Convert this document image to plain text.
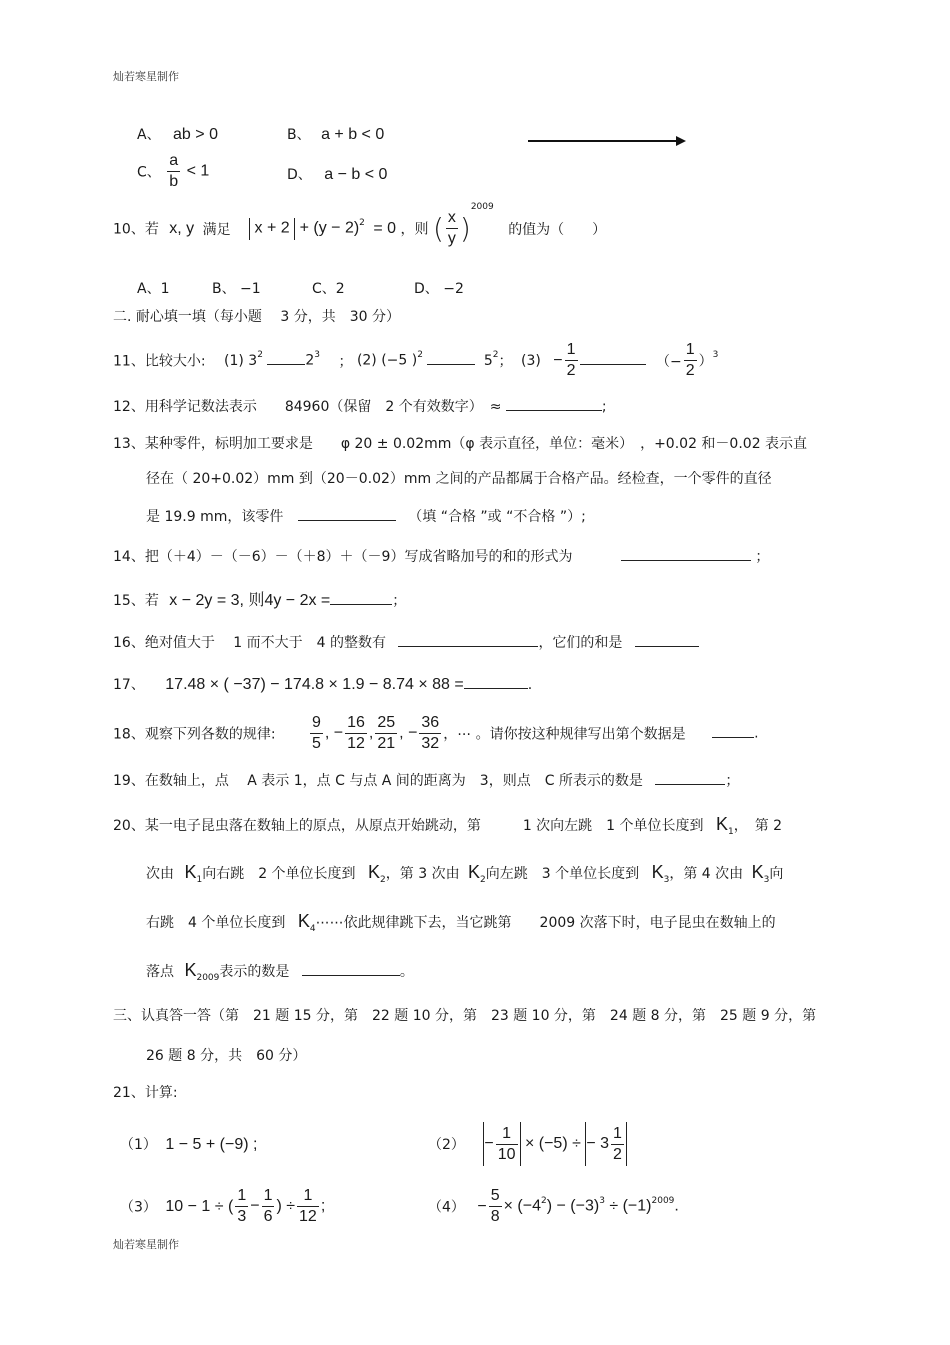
灿若寒星制作
A、 ab > 0	B、 a + b < 0
C、 $\frac{a}{b} < 1$	D、 a − b < 0
10、若 x, y 满足 $x + 2 + (y - 2)^2 = 0$ ，则 ( $\frac{x}{y} )^{2009}$ 的值为（　　）
A、1	B、 −1	C、2	D、 −2
二. 耐心填一填（每小题　 3 分，共　30 分）
11、比较大小: (1) $3^2$	$2^3$ ； (2) (−5 )$^2$	$5^2$； $(3) - \frac{1}{2}$	（− $\frac{1}{2} )^3$
12、用科学记数法表示　　84960（保留　2 个有效数字）　≈	;
13、某种零件，标明加工要求是　　φ 20 ± 0.02mm（φ 表示直径，单位：毫米）　，+0.02 和－0.02 表示直
径在（ 20+0.02）mm 到（20－0.02）mm 之间的产品都属于合格产品。经检查，一个零件的直径
是 19.9 mm，该零件	（填 “合格 ”或 “不合格 ”）;
14、把（＋4）－（－6）－（＋8）＋（－9）写成省略加号的和的形式为	；
15、若 x − 2y = 3, 则4y − 2x =	；
16、绝对值大于　 1 而不大于　4 的整数有	，它们的和是
17、 17.48 × ( −37) − 174.8 × 1.9 − 8.74 × 88 =	.
18、观察下列各数的规律: $\frac{9}{5}$ , − $\frac{16}{12}$ , $\frac{25}{21}$ , − $\frac{36}{32}$ ，⋯ 。请你按这种规律写出第个数据是	.
19、在数轴上，点　 A 表示 1，点 C 与点 A 间的距离为　3，则点　C 所表示的数是	；
20、某一电子昆虫落在数轴上的原点，从原点开始跳动，第　　　1 次向左跳　1 个单位长度到 $K_1$，　第 2
次由 $K_1$向右跳　2 个单位长度到 $K_2$，第 3 次由 $K_2$向左跳　3 个单位长度到 $K_3$，第 4 次由 $K_3$向
右跳　4 个单位长度到 $K_4\cdots\cdots$依此规律跳下去，当它跳第　　2009 次落下时，电子昆虫在数轴上的
落点 $K_{2009}$表示的数是	。
三、认真答一答（第　21 题 15 分，第　22 题 10 分，第　23 题 10 分，第　24 题 8 分，第　25 题 9 分，第
26 题 8 分，共　60 分）
21、计算:
（1） 1 − 5 + (−9) ;	$(2) - \frac{1}{10} \times (-5)$ ÷ − $3 \frac{1}{2}$
（3） 10 − 1 ÷ ( $\frac{1}{3} - \frac{1}{6}$ ) ÷ $\frac{1}{12}$ ;	$(4) - \frac{5}{8} \times (-4^2) - (-3)^3 \div (-1)^{2009}$.
灿若寒星制作
